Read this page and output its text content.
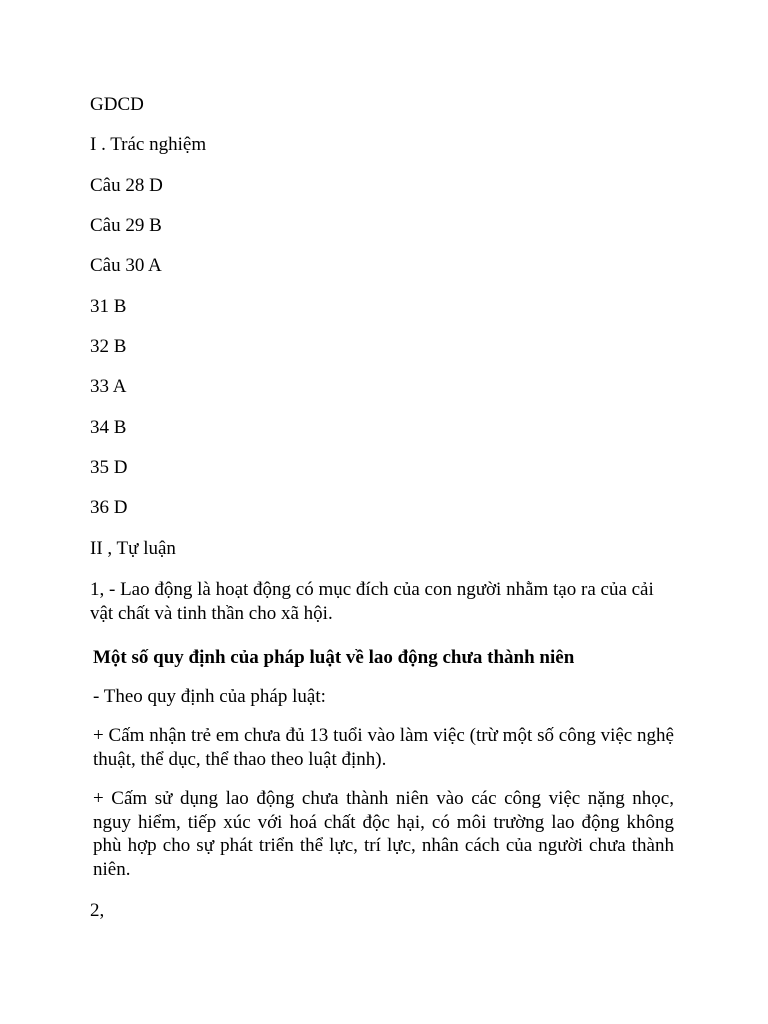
GDCD
I . Trác nghiệm
Câu 28 D
Câu 29 B
Câu 30 A
31 B
32 B
33 A
34 B
35 D
36 D
II , Tự luận
1, - Lao động là hoạt động có mục đích của con người nhằm tạo ra của cải vật chất và tinh thần cho xã hội.
Một số quy định của pháp luật về lao động chưa thành niên
- Theo quy định của pháp luật:
+ Cấm nhận trẻ em chưa đủ 13 tuổi vào làm việc (trừ một số công việc nghệ thuật, thể dục, thể thao theo luật định).
+ Cấm sử dụng lao động chưa thành niên vào các công việc nặng nhọc, nguy hiểm, tiếp xúc với hoá chất độc hại, có môi trường lao động không phù hợp cho sự phát triển thể lực, trí lực, nhân cách của người chưa thành niên.
2,
